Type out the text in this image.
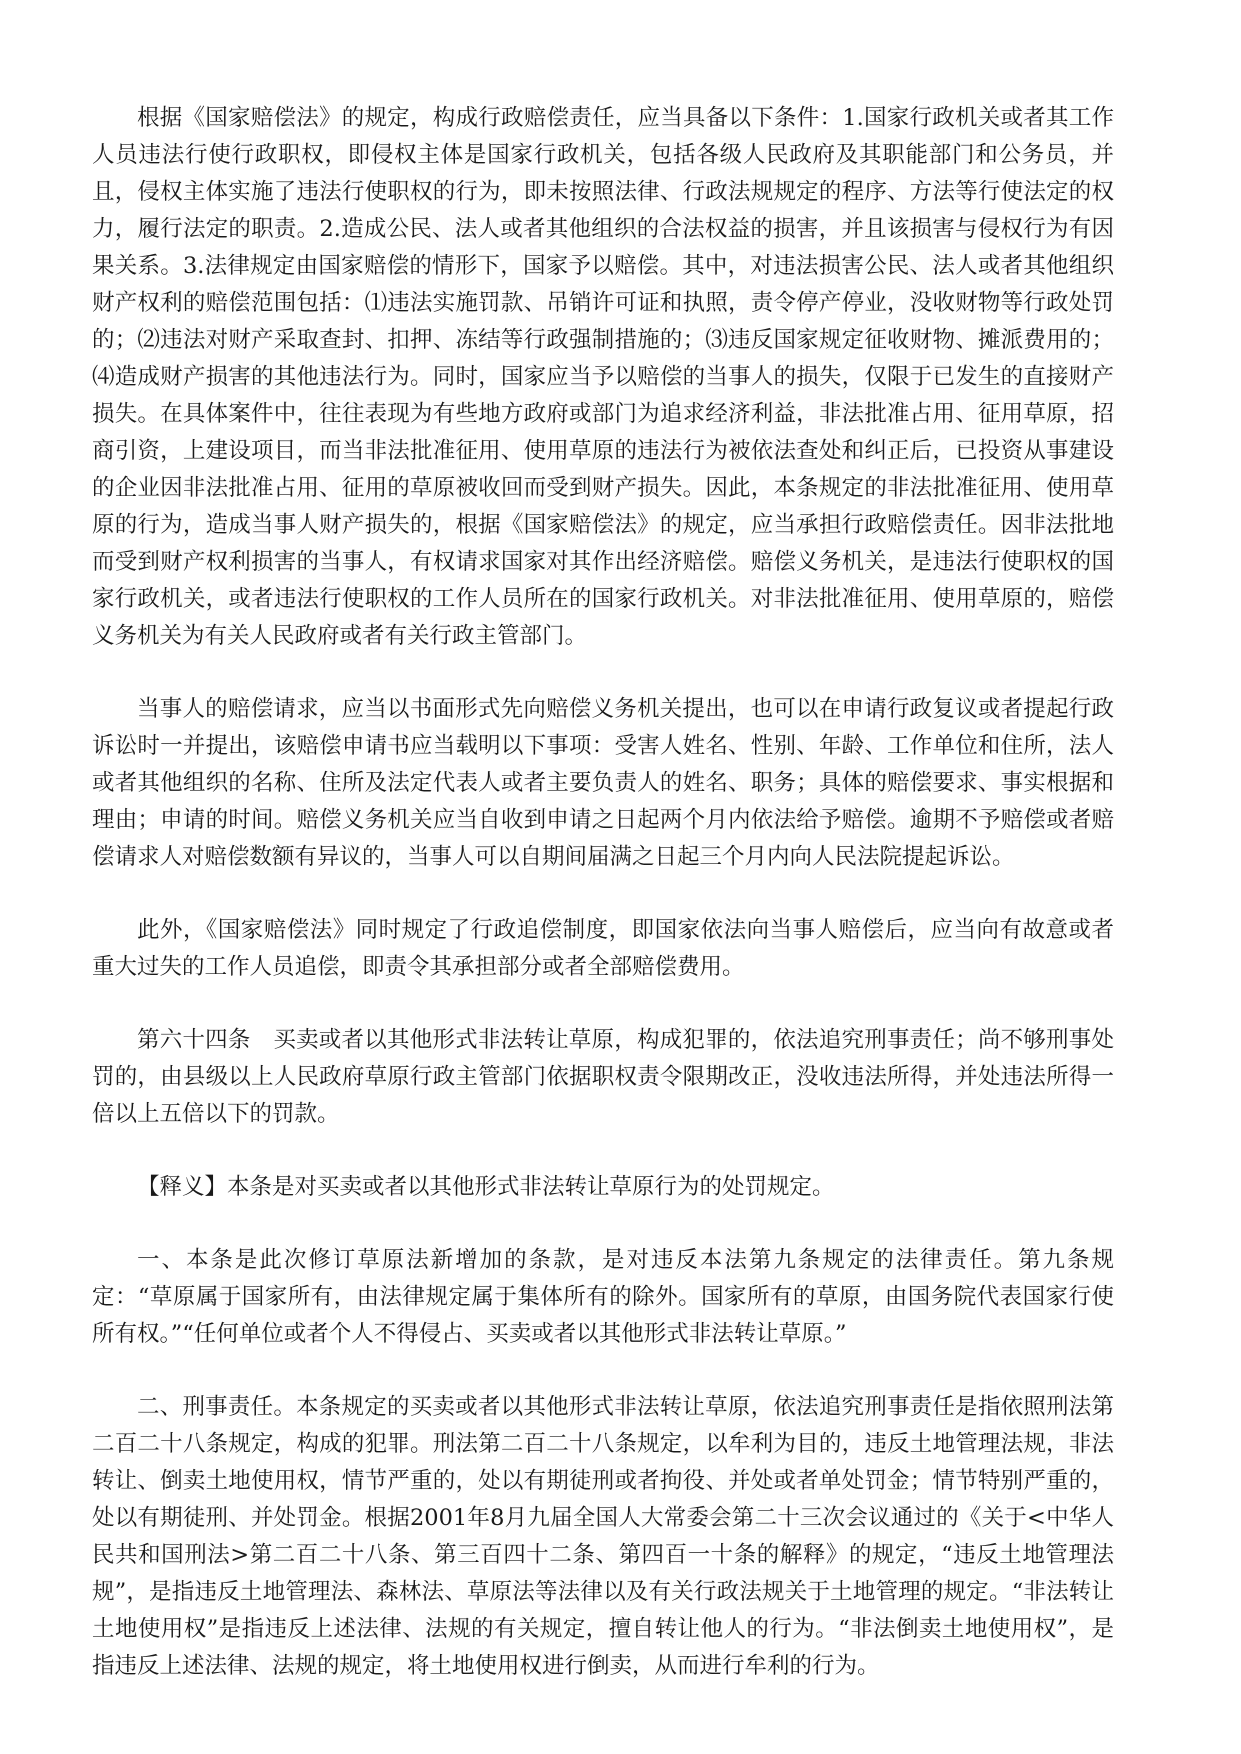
根据《国家赔偿法》的规定，构成行政赔偿责任，应当具备以下条件：1.国家行政机关或者其工作人员违法行使行政职权，即侵权主体是国家行政机关，包括各级人民政府及其职能部门和公务员，并且，侵权主体实施了违法行使职权的行为，即未按照法律、行政法规规定的程序、方法等行使法定的权力，履行法定的职责。2.造成公民、法人或者其他组织的合法权益的损害，并且该损害与侵权行为有因果关系。3.法律规定由国家赔偿的情形下，国家予以赔偿。其中，对违法损害公民、法人或者其他组织财产权利的赔偿范围包括：⑴违法实施罚款、吊销许可证和执照，责令停产停业，没收财物等行政处罚的；⑵违法对财产采取查封、扣押、冻结等行政强制措施的；⑶违反国家规定征收财物、摊派费用的；⑷造成财产损害的其他违法行为。同时，国家应当予以赔偿的当事人的损失，仅限于已发生的直接财产损失。在具体案件中，往往表现为有些地方政府或部门为追求经济利益，非法批准占用、征用草原，招商引资，上建设项目，而当非法批准征用、使用草原的违法行为被依法查处和纠正后，已投资从事建设的企业因非法批准占用、征用的草原被收回而受到财产损失。因此，本条规定的非法批准征用、使用草原的行为，造成当事人财产损失的，根据《国家赔偿法》的规定，应当承担行政赔偿责任。因非法批地而受到财产权利损害的当事人，有权请求国家对其作出经济赔偿。赔偿义务机关，是违法行使职权的国家行政机关，或者违法行使职权的工作人员所在的国家行政机关。对非法批准征用、使用草原的，赔偿义务机关为有关人民政府或者有关行政主管部门。

当事人的赔偿请求，应当以书面形式先向赔偿义务机关提出，也可以在申请行政复议或者提起行政诉讼时一并提出，该赔偿申请书应当载明以下事项：受害人姓名、性别、年龄、工作单位和住所，法人或者其他组织的名称、住所及法定代表人或者主要负责人的姓名、职务；具体的赔偿要求、事实根据和理由；申请的时间。赔偿义务机关应当自收到申请之日起两个月内依法给予赔偿。逾期不予赔偿或者赔偿请求人对赔偿数额有异议的，当事人可以自期间届满之日起三个月内向人民法院提起诉讼。

此外，《国家赔偿法》同时规定了行政追偿制度，即国家依法向当事人赔偿后，应当向有故意或者重大过失的工作人员追偿，即责令其承担部分或者全部赔偿费用。

第六十四条　买卖或者以其他形式非法转让草原，构成犯罪的，依法追究刑事责任；尚不够刑事处罚的，由县级以上人民政府草原行政主管部门依据职权责令限期改正，没收违法所得，并处违法所得一倍以上五倍以下的罚款。

【释义】本条是对买卖或者以其他形式非法转让草原行为的处罚规定。

一、本条是此次修订草原法新增加的条款，是对违反本法第九条规定的法律责任。第九条规定：“草原属于国家所有，由法律规定属于集体所有的除外。国家所有的草原，由国务院代表国家行使所有权。”“任何单位或者个人不得侵占、买卖或者以其他形式非法转让草原。”

二、刑事责任。本条规定的买卖或者以其他形式非法转让草原，依法追究刑事责任是指依照刑法第二百二十八条规定，构成的犯罪。刑法第二百二十八条规定，以牟利为目的，违反土地管理法规，非法转让、倒卖土地使用权，情节严重的，处以有期徒刑或者拘役、并处或者单处罚金；情节特别严重的，处以有期徒刑、并处罚金。根据2001年8月九届全国人大常委会第二十三次会议通过的《关于<中华人民共和国刑法>第二百二十八条、第三百四十二条、第四百一十条的解释》的规定，“违反土地管理法规”，是指违反土地管理法、森林法、草原法等法律以及有关行政法规关于土地管理的规定。“非法转让土地使用权”是指违反上述法律、法规的有关规定，擅自转让他人的行为。“非法倒卖土地使用权”，是指违反上述法律、法规的规定，将土地使用权进行倒卖，从而进行牟利的行为。
